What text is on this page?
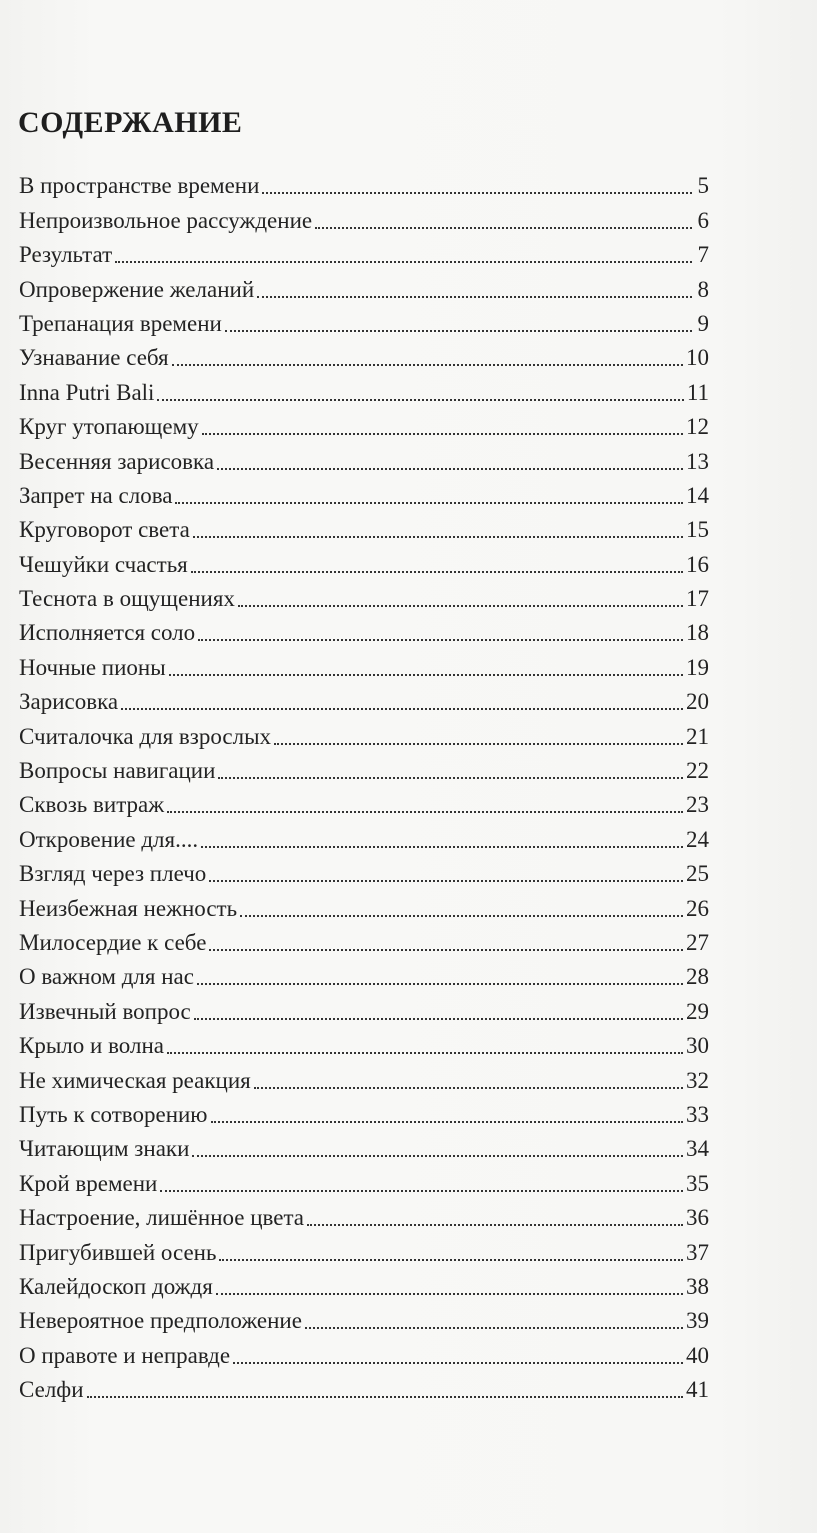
СОДЕРЖАНИЕ
В пространстве времени	5
Непроизвольное рассуждение	6
Результат	7
Опровержение желаний	8
Трепанация времени	9
Узнавание себя	10
Inna Putri Bali	11
Круг утопающему	12
Весенняя зарисовка	13
Запрет на слова	14
Круговорот света	15
Чешуйки счастья	16
Теснота в ощущениях	17
Исполняется соло	18
Ночные пионы	19
Зарисовка	20
Считалочка для взрослых	21
Вопросы навигации	22
Сквозь витраж	23
Откровение для....	24
Взгляд через плечо	25
Неизбежная нежность	26
Милосердие к себе	27
О важном для нас	28
Извечный вопрос	29
Крыло и волна	30
Не химическая реакция	32
Путь к сотворению	33
Читающим знаки	34
Крой времени	35
Настроение, лишённое цвета	36
Пригубившей осень	37
Калейдоскоп дождя	38
Невероятное предположение	39
О правоте и неправде	40
Селфи	41
